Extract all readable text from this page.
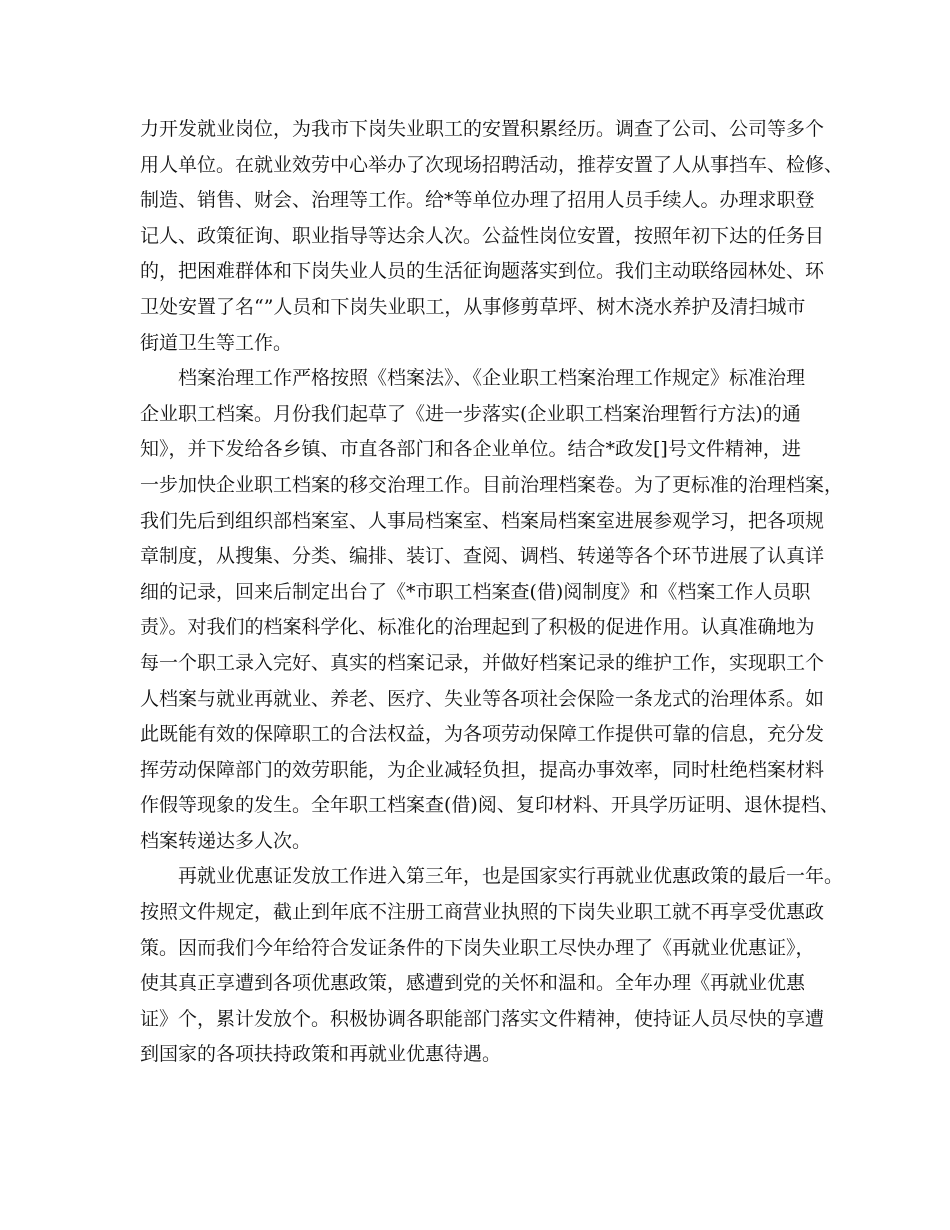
力开发就业岗位，为我市下岗失业职工的安置积累经历。调查了公司、公司等多个
用人单位。在就业效劳中心举办了次现场招聘活动，推荐安置了人从事挡车、检修、
制造、销售、财会、治理等工作。给*等单位办理了招用人员手续人。办理求职登
记人、政策征询、职业指导等达余人次。公益性岗位安置，按照年初下达的任务目
的，把困难群体和下岗失业人员的生活征询题落实到位。我们主动联络园林处、环
卫处安置了名“”人员和下岗失业职工，从事修剪草坪、树木浇水养护及清扫城市
街道卫生等工作。

档案治理工作严格按照《档案法》、《企业职工档案治理工作规定》标准治理
企业职工档案。月份我们起草了《进一步落实(企业职工档案治理暂行方法)的通
知》，并下发给各乡镇、市直各部门和各企业单位。结合*政发[]号文件精神，进
一步加快企业职工档案的移交治理工作。目前治理档案卷。为了更标准的治理档案，
我们先后到组织部档案室、人事局档案室、档案局档案室进展参观学习，把各项规
章制度，从搜集、分类、编排、装订、查阅、调档、转递等各个环节进展了认真详
细的记录，回来后制定出台了《*市职工档案查(借)阅制度》和《档案工作人员职
责》。对我们的档案科学化、标准化的治理起到了积极的促进作用。认真准确地为
每一个职工录入完好、真实的档案记录，并做好档案记录的维护工作，实现职工个
人档案与就业再就业、养老、医疗、失业等各项社会保险一条龙式的治理体系。如
此既能有效的保障职工的合法权益，为各项劳动保障工作提供可靠的信息，充分发
挥劳动保障部门的效劳职能，为企业减轻负担，提高办事效率，同时杜绝档案材料
作假等现象的发生。全年职工档案查(借)阅、复印材料、开具学历证明、退休提档、
档案转递达多人次。

再就业优惠证发放工作进入第三年，也是国家实行再就业优惠政策的最后一年。
按照文件规定，截止到年底不注册工商营业执照的下岗失业职工就不再享受优惠政
策。因而我们今年给符合发证条件的下岗失业职工尽快办理了《再就业优惠证》，
使其真正享遭到各项优惠政策，感遭到党的关怀和温和。全年办理《再就业优惠
证》个，累计发放个。积极协调各职能部门落实文件精神，使持证人员尽快的享遭
到国家的各项扶持政策和再就业优惠待遇。
